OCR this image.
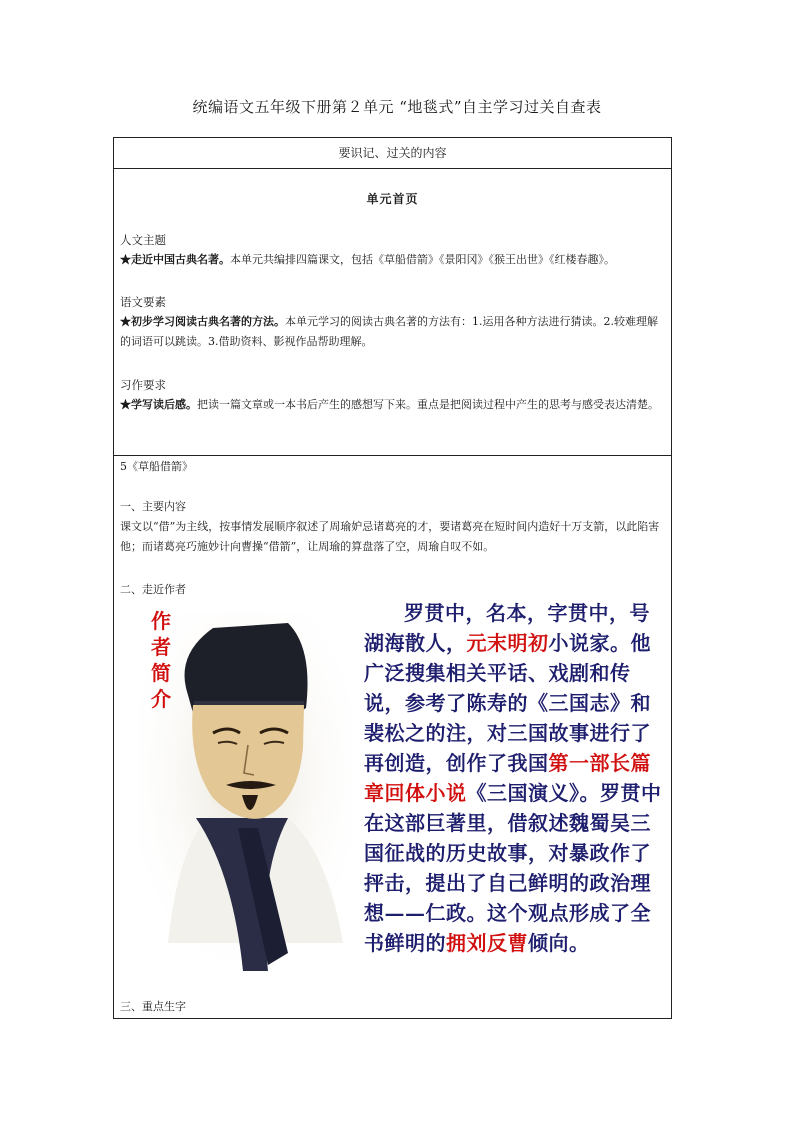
统编语文五年级下册第２单元 “地毯式”自主学习过关自查表
要识记、过关的内容
单元首页
人文主题
★走近中国古典名著。本单元共编排四篇课文，包括《草船借箭》《景阳冈》《猴王出世》《红楼春趣》。
语文要素
★初步学习阅读古典名著的方法。本单元学习的阅读古典名著的方法有：1.运用各种方法进行猜读。2.较难理解的词语可以跳读。3.借助资料、影视作品帮助理解。
习作要求
★学写读后感。把读一篇文章或一本书后产生的感想写下来。重点是把阅读过程中产生的思考与感受表达清楚。
5《草船借箭》
一、主要内容
课文以“借”为主线，按事情发展顺序叙述了周瑜妒忌诸葛亮的才，要诸葛亮在短时间内造好十万支箭，以此陷害他；而诸葛亮巧施妙计向曹操“借箭”，让周瑜的算盘落了空，周瑜自叹不如。
二、走近作者
作
者
简
介
罗贯中，名本，字贯中，号湖海散人，元末明初小说家。他广泛搜集相关平话、戏剧和传说，参考了陈寿的《三国志》和裴松之的注，对三国故事进行了再创造，创作了我国第一部长篇章回体小说《三国演义》。罗贯中在这部巨著里，借叙述魏蜀吴三国征战的历史故事，对暴政作了抨击，提出了自己鲜明的政治理想——仁政。这个观点形成了全书鲜明的拥刘反曹倾向。
三、重点生字
